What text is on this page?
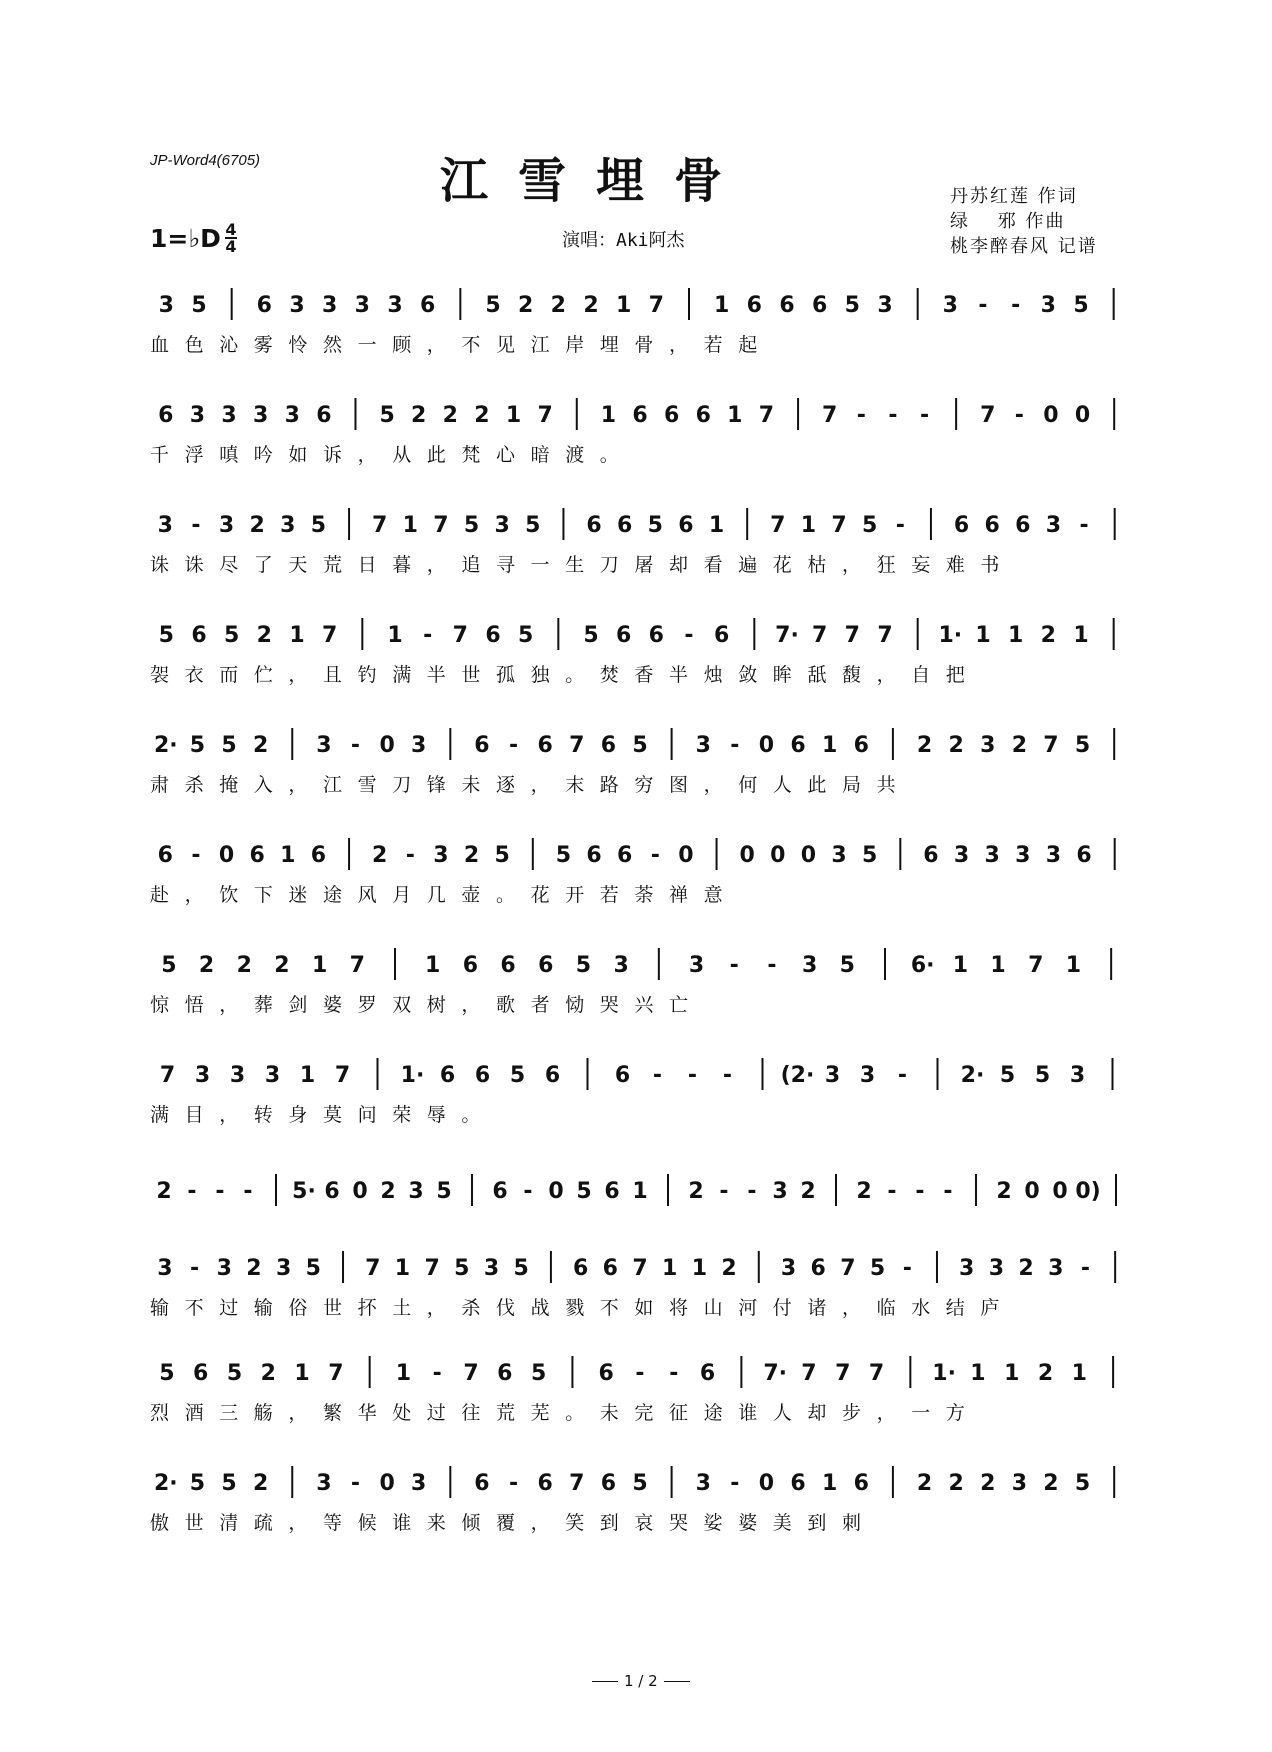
JP-Word4(6705)	江雪埋骨
1=♭D 4
4	演唱：Aki阿杰
丹苏红莲 作词
绿　 邪 作曲
桃李醉春风 记谱
3 5 6 3 3 3 3 6 5 2 2 2 1 7 1 6 6 6 5 3 3 - - 3 5
血色沁雾怜然一顾，不见江岸埋骨，若起
6 3 3 3 3 6 5 2 2 2 1 7 1 6 6 6 1 7 7 - - - 7 - 0 0
千浮嗔吟如诉，从此梵心暗渡。
3 - 3 2 3 5 7 1 7 5 3 5 6 6 5 6 1 7 1 7 5 - 6 6 6 3 -
诛诛尽了天荒日暮，追寻一生刀屠却看遍花枯，狂妄难书
5 6 5 2 1 7 1 - 7 6 5 5 6 6 - 6 7· 7 7 7 1· 1 1 2 1
袈衣而伫，且钓满半世孤独。焚香半烛敛眸舐馥，自把
2· 5 5 2 3 - 0 3 6 - 6 7 6 5 3 - 0 6 1 6 2 2 3 2 7 5
肃杀掩入，江雪刀锋未逐，末路穷图，何人此局共
6 - 0 6 1 6 2 - 3 2 5 5 6 6 - 0 0 0 0 3 5 6 3 3 3 3 6
赴，饮下迷途风月几壶。花开若荼禅意
5 2 2 2 1 7	1 6 6 6 5 3	3 - - 3 5	6· 1 1 7 1
惊悟，葬剑婆罗双树，歌者恸哭兴亡
7 3 3 3 1 7 1· 6 6 5 6 6 - - - (2· 3 3 - 2· 5 5 3
满目，转身莫问荣辱。
2 - - - 5· 6 0 2 3 5 6 - 0 5 6 1 2 - - 3 2 2 - - - 2 0 0 0)
3 - 3 2 3 5 7 1 7 5 3 5 6 6 7 1 1 2 3 6 7 5 - 3 3 2 3 -
输不过输俗世抔土，杀伐战戮不如将山河付诸，临水结庐
5 6 5 2 1 7 1 - 7 6 5 6 - - 6 7· 7 7 7 1· 1 1 2 1
烈酒三觞，繁华处过往荒芜。未完征途谁人却步，一方
2· 5 5 2 3 - 0 3 6 - 6 7 6 5 3 - 0 6 1 6 2 2 2 3 2 5
傲世清疏，等候谁来倾覆，笑到哀哭娑婆美到刺
1 / 2
